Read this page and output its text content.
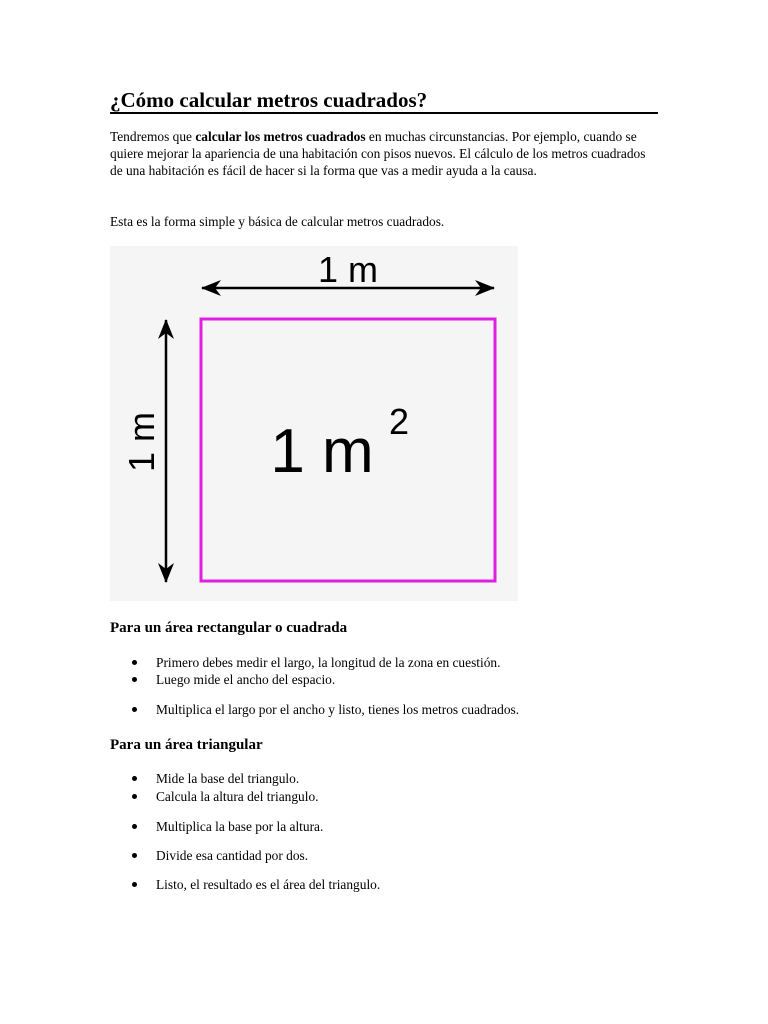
¿Cómo calcular metros cuadrados?

Tendremos que calcular los metros cuadrados en muchas circunstancias. Por ejemplo, cuando se quiere mejorar la apariencia de una habitación con pisos nuevos. El cálculo de los metros cuadrados de una habitación es fácil de hacer si la forma que vas a medir ayuda a la causa.

Esta es la forma simple y básica de calcular metros cuadrados.

1 m
1 m 1 m 2
Para un área rectangular o cuadrada
Primero debes medir el largo, la longitud de la zona en cuestión.
Luego mide el ancho del espacio.
Multiplica el largo por el ancho y listo, tienes los metros cuadrados.
Para un área triangular
Mide la base del triangulo.
Calcula la altura del triangulo.
Multiplica la base por la altura.
Divide esa cantidad por dos.
Listo, el resultado es el área del triangulo.
